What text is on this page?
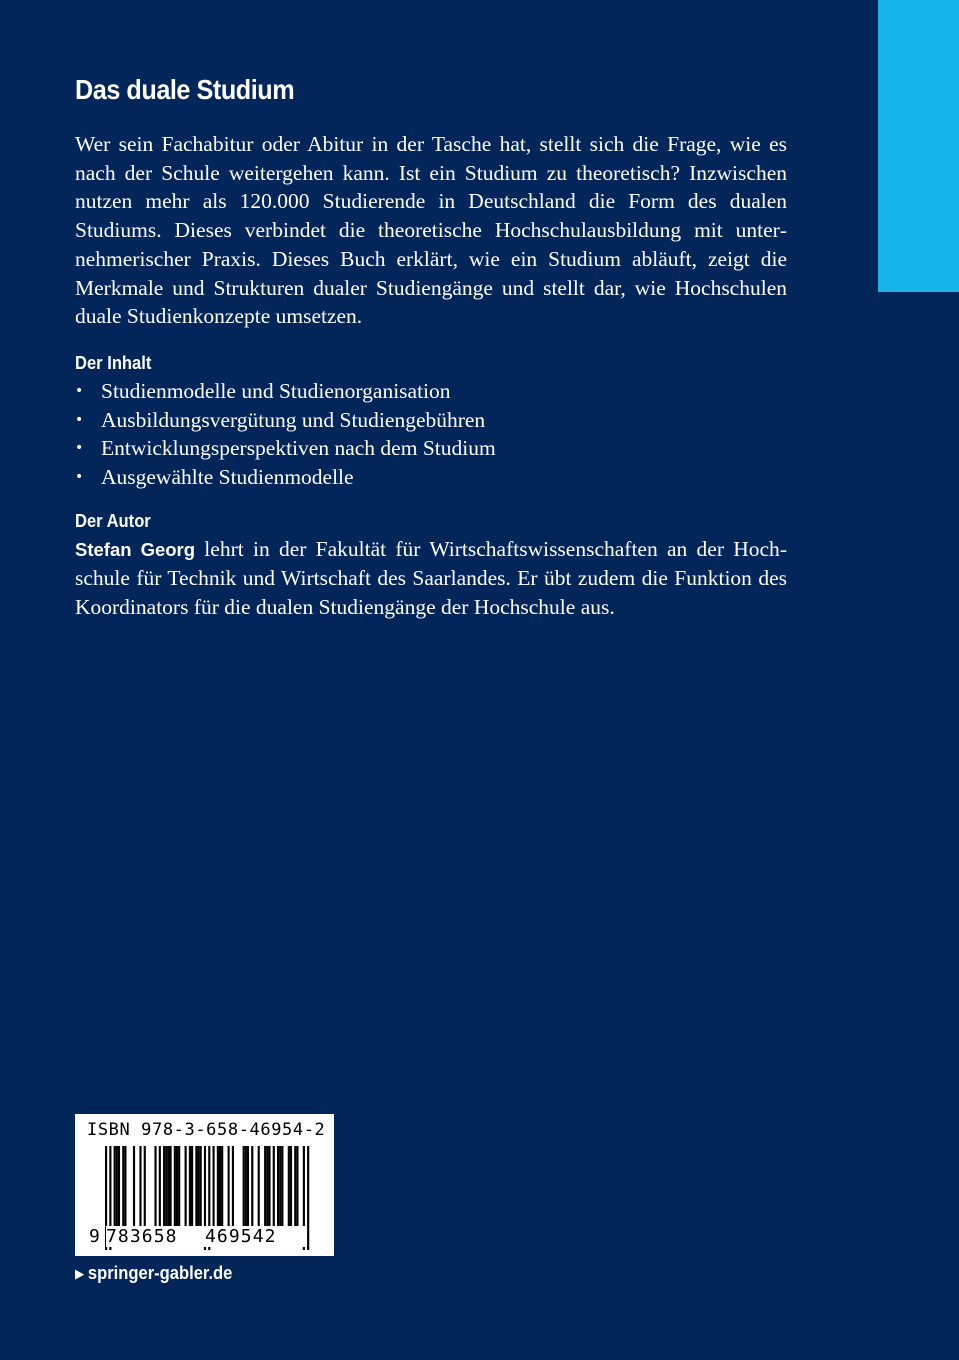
Das duale Studium

Wer sein Fachabitur oder Abitur in der Tasche hat, stellt sich die Frage, wie es nach der Schule weitergehen kann. Ist ein Studium zu theoretisch? Inzwischen nutzen mehr als 120.000 Studierende in Deutschland die Form des dualen Studiums. Dieses verbindet die theoretische Hochschulausbildung mit unternehmerischer Praxis. Dieses Buch erklärt, wie ein Studium abläuft, zeigt die Merkmale und Strukturen dualer Studiengänge und stellt dar, wie Hochschulen duale Studienkonzepte umsetzen.

Der Inhalt
• Studienmodelle und Studienorganisation
• Ausbildungsvergütung und Studiengebühren
• Entwicklungsperspektiven nach dem Studium
• Ausgewählte Studienmodelle
Der Autor

Stefan Georg lehrt in der Fakultät für Wirtschaftswissenschaften an der Hochschule für Technik und Wirtschaft des Saarlandes. Er übt zudem die Funktion des Koordinators für die dualen Studiengänge der Hochschule aus.

ISBN 978-3-658-46954-2
9 783658	469542
▶ springer-gabler.de
